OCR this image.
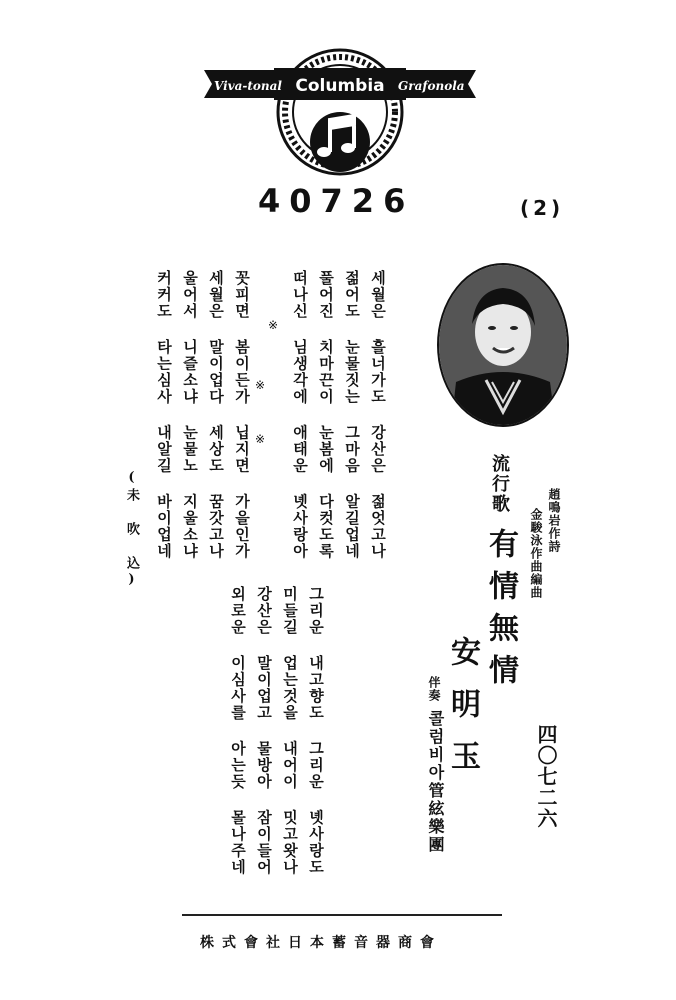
Viva-tonal Columbia Grafonola
40726	(2)
세월은 흘너가도 강산은 젊엇고나
젊어도 눈물짓는 그마음 알길업네
풀어진 치마끈이 눈봄에 다컷도록
떠나신 님생각에 애태운 녯사랑아
※
※
※
꼿피면 봄이든가 닙지면 가을인가
세월은 말이업다 세상도 꿈갓고나
울어서 니즐소냐 눈물노 지울소냐
커커도 타는심사 내알길 바이업네
(未 吹 込)	流行歌
有情無情
安明玉	四〇七二六
趙鳴岩作詩
金駿泳作曲編曲
伴奏
콜럼비아管絃樂團
그리운 내고향도 그리운 녯사랑도
미들길 업는것을 내어이 밋고왓나
강산은 말이업고 물방아 잠이들어
외로운 이심사를 아는듯 몰나주네
株式會社日本蓄音器商會
